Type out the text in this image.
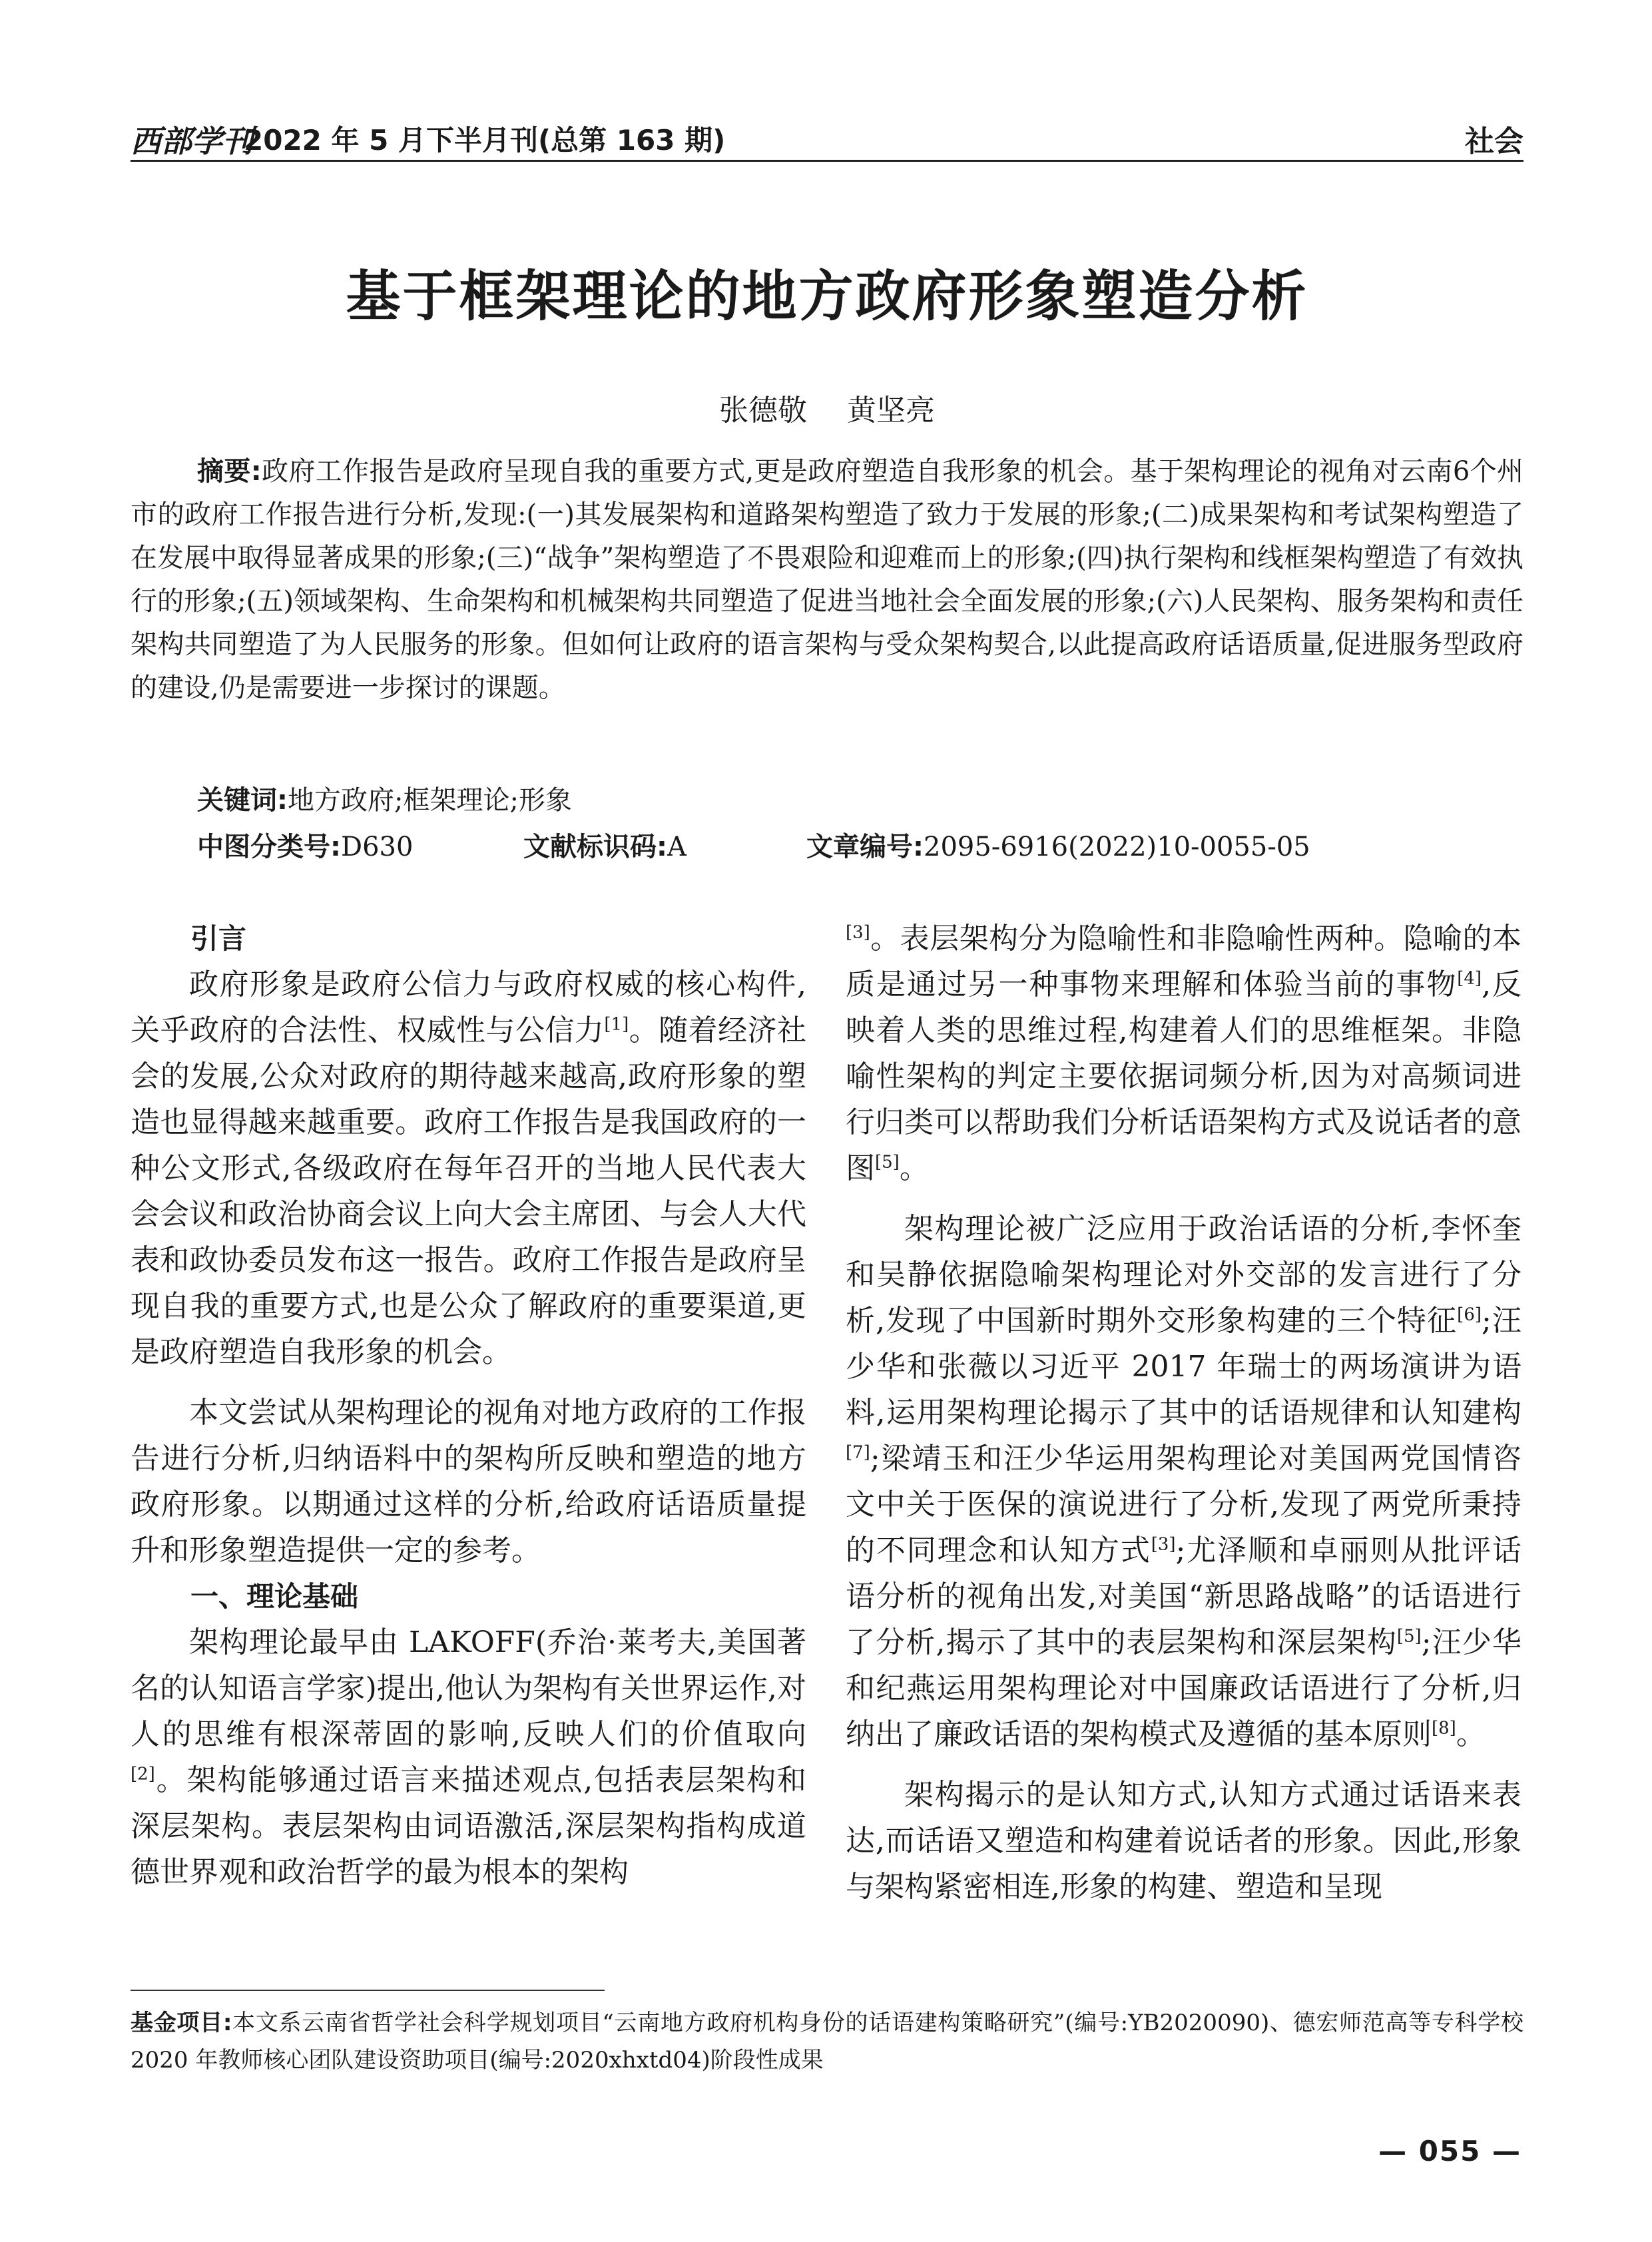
西部学刊
2022 年 5 月下半月刊(总第 163 期)	社会
基于框架理论的地方政府形象塑造分析
张德敬 黄坚亮
摘要:政府工作报告是政府呈现自我的重要方式,更是政府塑造自我形象的机会。基于架构理论的视角对云南6个州市的政府工作报告进行分析,发现:(一)其发展架构和道路架构塑造了致力于发展的形象;(二)成果架构和考试架构塑造了在发展中取得显著成果的形象;(三)“战争”架构塑造了不畏艰险和迎难而上的形象;(四)执行架构和线框架构塑造了有效执行的形象;(五)领域架构、生命架构和机械架构共同塑造了促进当地社会全面发展的形象;(六)人民架构、服务架构和责任架构共同塑造了为人民服务的形象。但如何让政府的语言架构与受众架构契合,以此提高政府话语质量,促进服务型政府的建设,仍是需要进一步探讨的课题。
关键词:地方政府;框架理论;形象
中图分类号:D630	文献标识码:A	文章编号:2095-6916(2022)10-0055-05
引言

政府形象是政府公信力与政府权威的核心构件,关乎政府的合法性、权威性与公信力[1]。随着经济社会的发展,公众对政府的期待越来越高,政府形象的塑造也显得越来越重要。政府工作报告是我国政府的一种公文形式,各级政府在每年召开的当地人民代表大会会议和政治协商会议上向大会主席团、与会人大代表和政协委员发布这一报告。政府工作报告是政府呈现自我的重要方式,也是公众了解政府的重要渠道,更是政府塑造自我形象的机会。

本文尝试从架构理论的视角对地方政府的工作报告进行分析,归纳语料中的架构所反映和塑造的地方政府形象。以期通过这样的分析,给政府话语质量提升和形象塑造提供一定的参考。

一、理论基础

架构理论最早由 LAKOFF(乔治·莱考夫,美国著名的认知语言学家)提出,他认为架构有关世界运作,对人的思维有根深蒂固的影响,反映人们的价值取向[2]。架构能够通过语言来描述观点,包括表层架构和深层架构。表层架构由词语激活,深层架构指构成道德世界观和政治哲学的最为根本的架构

[3]。表层架构分为隐喻性和非隐喻性两种。隐喻的本质是通过另一种事物来理解和体验当前的事物[4],反映着人类的思维过程,构建着人们的思维框架。非隐喻性架构的判定主要依据词频分析,因为对高频词进行归类可以帮助我们分析话语架构方式及说话者的意图[5]。

架构理论被广泛应用于政治话语的分析,李怀奎和吴静依据隐喻架构理论对外交部的发言进行了分析,发现了中国新时期外交形象构建的三个特征[6];汪少华和张薇以习近平 2017 年瑞士的两场演讲为语料,运用架构理论揭示了其中的话语规律和认知建构[7];梁靖玉和汪少华运用架构理论对美国两党国情咨文中关于医保的演说进行了分析,发现了两党所秉持的不同理念和认知方式[3];尤泽顺和卓丽则从批评话语分析的视角出发,对美国“新思路战略”的话语进行了分析,揭示了其中的表层架构和深层架构[5];汪少华和纪燕运用架构理论对中国廉政话语进行了分析,归纳出了廉政话语的架构模式及遵循的基本原则[8]。

架构揭示的是认知方式,认知方式通过话语来表达,而话语又塑造和构建着说话者的形象。因此,形象与架构紧密相连,形象的构建、塑造和呈现

基金项目:本文系云南省哲学社会科学规划项目“云南地方政府机构身份的话语建构策略研究”(编号:YB2020090)、德宏师范高等专科学校 2020 年教师核心团队建设资助项目(编号:2020xhxtd04)阶段性成果
— 055 —
